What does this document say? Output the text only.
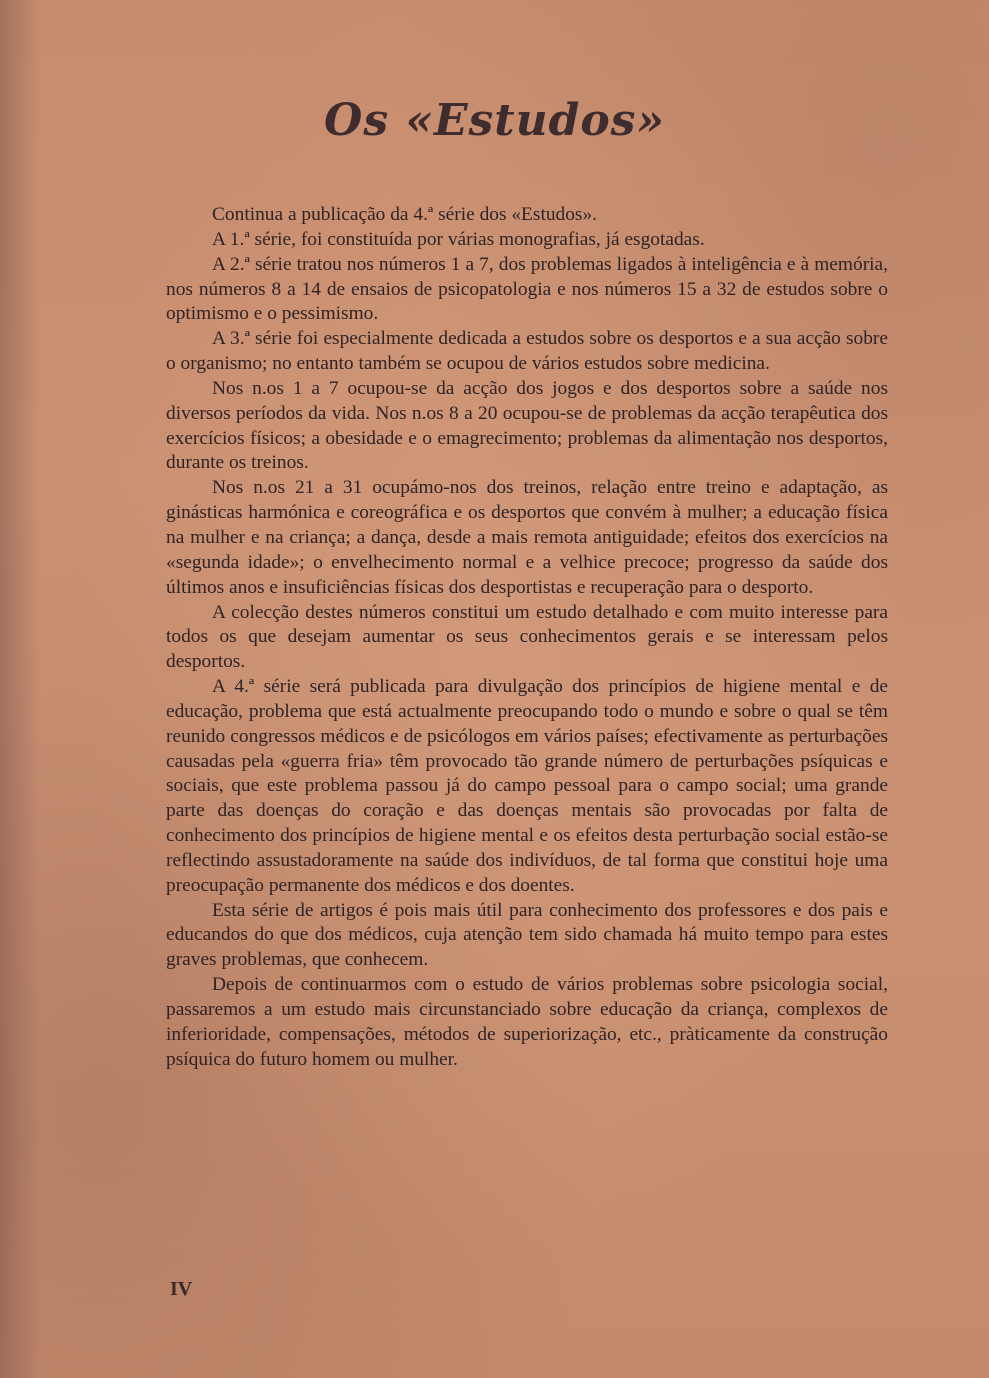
Os «Estudos»

Continua a publicação da 4.ª série dos «Estudos».

A 1.ª série, foi constituída por várias monografias, já esgotadas.

A 2.ª série tratou nos números 1 a 7, dos problemas ligados à inteligência e à memória, nos números 8 a 14 de ensaios de psicopatologia e nos números 15 a 32 de estudos sobre o optimismo e o pessimismo.

A 3.ª série foi especialmente dedicada a estudos sobre os desportos e a sua acção sobre o organismo; no entanto também se ocupou de vários estudos sobre medicina.

Nos n.os 1 a 7 ocupou-se da acção dos jogos e dos desportos sobre a saúde nos diversos períodos da vida. Nos n.os 8 a 20 ocupou-se de problemas da acção terapêutica dos exercícios físicos; a obesidade e o emagrecimento; problemas da alimentação nos desportos, durante os treinos.

Nos n.os 21 a 31 ocupámo-nos dos treinos, relação entre treino e adaptação, as ginásticas harmónica e coreográfica e os desportos que convém à mulher; a educação física na mulher e na criança; a dança, desde a mais remota antiguidade; efeitos dos exercícios na «segunda idade»; o envelhecimento normal e a velhice precoce; progresso da saúde dos últimos anos e insuficiências físicas dos desportistas e recuperação para o desporto.

A colecção destes números constitui um estudo detalhado e com muito interesse para todos os que desejam aumentar os seus conhecimentos gerais e se interessam pelos desportos.

A 4.ª série será publicada para divulgação dos princípios de higiene mental e de educação, problema que está actualmente preocupando todo o mundo e sobre o qual se têm reunido congressos médicos e de psicólogos em vários países; efectivamente as perturbações causadas pela «guerra fria» têm provocado tão grande número de perturbações psíquicas e sociais, que este problema passou já do campo pessoal para o campo social; uma grande parte das doenças do coração e das doenças mentais são provocadas por falta de conhecimento dos princípios de higiene mental e os efeitos desta perturbação social estão-se reflectindo assustadoramente na saúde dos indivíduos, de tal forma que constitui hoje uma preocupação permanente dos médicos e dos doentes.

Esta série de artigos é pois mais útil para conhecimento dos professores e dos pais e educandos do que dos médicos, cuja atenção tem sido chamada há muito tempo para estes graves problemas, que conhecem.

Depois de continuarmos com o estudo de vários problemas sobre psicologia social, passaremos a um estudo mais circunstanciado sobre educação da criança, complexos de inferioridade, compensações, métodos de superiorização, etc., pràticamente da construção psíquica do futuro homem ou mulher.

IV
